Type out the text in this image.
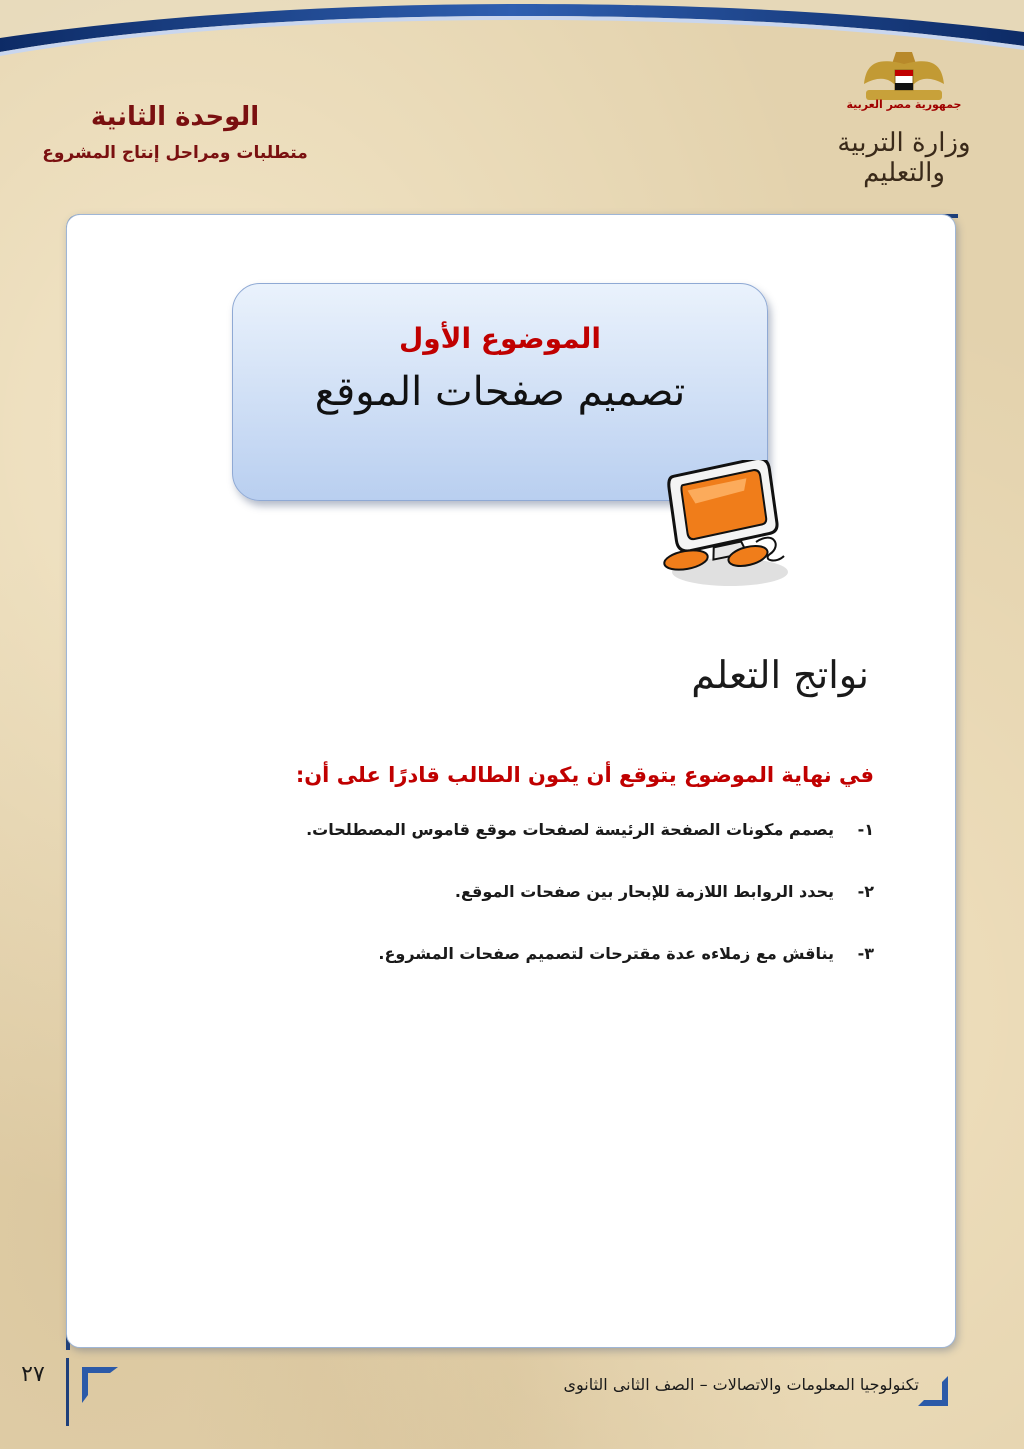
الوحدة الثانية
متطلبات ومراحل إنتاج المشروع
جمهورية مصر العربية
وزارة التربية والتعليم
الموضوع الأول
تصميم صفحات الموقع
نواتج التعلم
في نهاية الموضوع يتوقع أن يكون الطالب قادرًا على أن:
١-
يصمم مكونات الصفحة الرئيسة لصفحات موقع قاموس المصطلحات.
٢-
يحدد الروابط اللازمة للإبحار بين صفحات الموقع.
٣-
يناقش مع زملاءه عدة مقترحات لتصميم صفحات المشروع.
٢٧	تكنولوجيا المعلومات والاتصالات – الصف الثانى الثانوى
